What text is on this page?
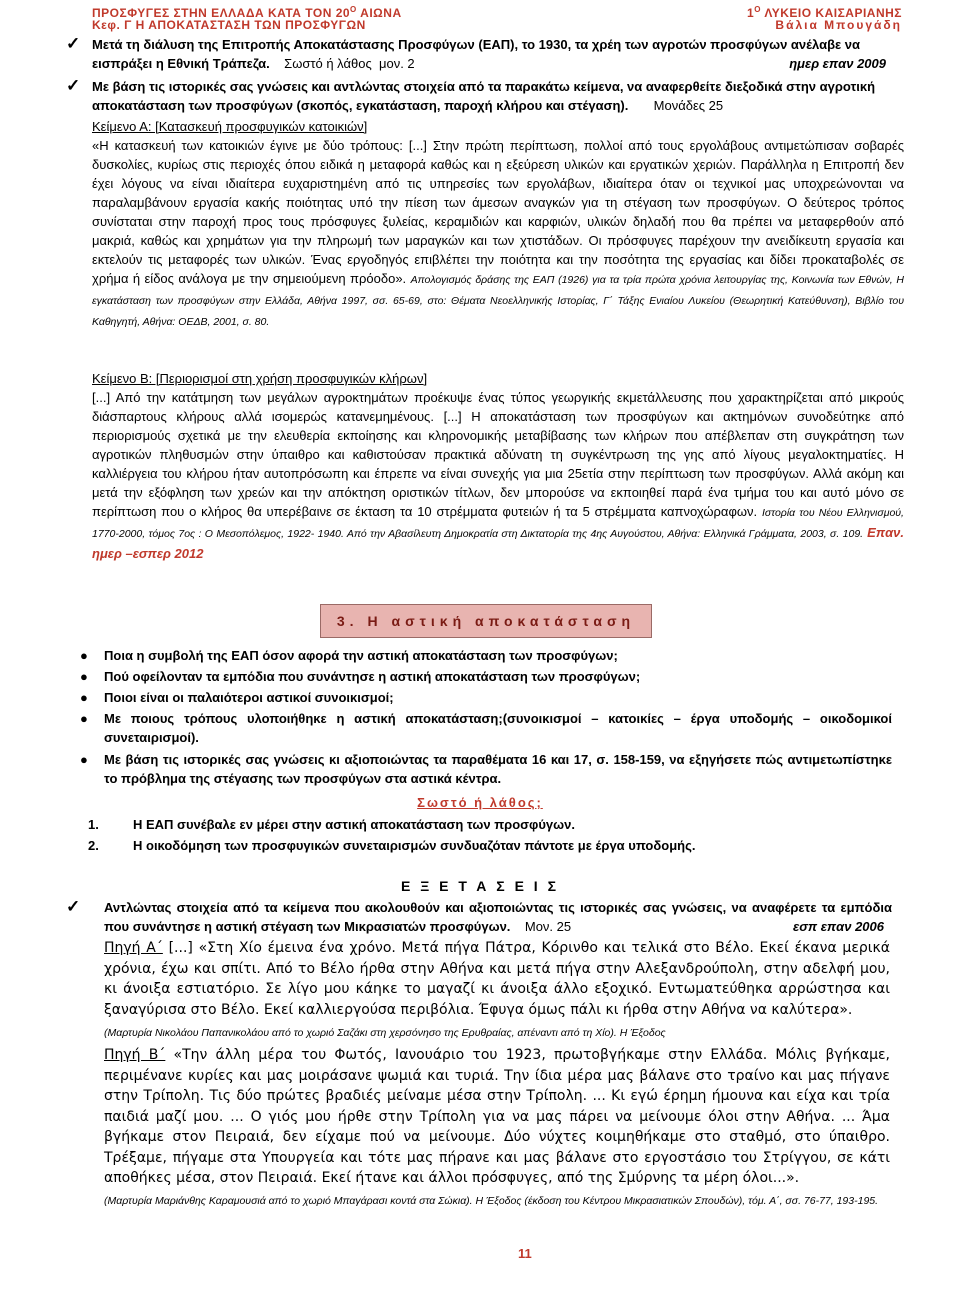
ΠΡΟΣΦΥΓΕΣ ΣΤΗΝ ΕΛΛΑΔΑ ΚΑΤΑ ΤΟΝ $20^O$ ΑΙΩΝΑ
Κεφ. Γ Η ΑΠΟΚΑΤΑΣΤΑΣΗ ΤΩΝ ΠΡΟΣΦΥΓΩΝ
$1^O$ ΛΥΚΕΙΟ ΚΑΙΣΑΡΙΑΝΗΣ
Βάλια Μπουγάδη
✓ Μετά τη διάλυση της Επιτροπής Αποκατάστασης Προσφύγων (ΕΑΠ), το 1930, τα χρέη των αγροτών προσφύγων ανέλαβε να εισπράξει η Εθνική Τράπεζα. Σωστό ή λάθος μον. 2	ημερ επαν 2009
✓ Με βάση τις ιστορικές σας γνώσεις και αντλώντας στοιχεία από τα παρακάτω κείμενα, να αναφερθείτε διεξοδικά στην αγροτική αποκατάσταση των προσφύγων (σκοπός, εγκατάσταση, παροχή κλήρου και στέγαση). Μονάδες 25
Κείμενο Α: [Κατασκευή προσφυγικών κατοικιών]
«Η κατασκευή των κατοικιών έγινε με δύο τρόπους: [...] Στην πρώτη περίπτωση, πολλοί από τους εργολάβους αντιμετώπισαν σοβαρές δυσκολίες, κυρίως στις περιοχές όπου ειδικά η μεταφορά καθώς και η εξεύρεση υλικών και εργατικών χεριών. Παράλληλα η Επιτροπή δεν έχει λόγους να είναι ιδιαίτερα ευχαριστημένη από τις υπηρεσίες των εργολάβων, ιδιαίτερα όταν οι τεχνικοί μας υποχρεώνονται να παραλαμβάνουν εργασία κακής ποιότητας υπό την πίεση των άμεσων αναγκών για τη στέγαση των προσφύγων. Ο δεύτερος τρόπος συνίσταται στην παροχή προς τους πρόσφυγες ξυλείας, κεραμιδιών και καρφιών, υλικών δηλαδή που θα πρέπει να μεταφερθούν από μακριά, καθώς και χρημάτων για την πληρωμή των μαραγκών και των χτιστάδων. Οι πρόσφυγες παρέχουν την ανειδίκευτη εργασία και εκτελούν τις μεταφορές των υλικών. Ένας εργοδηγός επιβλέπει την ποιότητα και την ποσότητα της εργασίας και δίδει προκαταβολές σε χρήμα ή είδος ανάλογα με την σημειούμενη πρόοδο». Απολογισμός δράσης της ΕΑΠ (1926) για τα τρία πρώτα χρόνια λειτουργίας της, Κοινωνία των Εθνών, Η εγκατάσταση των προσφύγων στην Ελλάδα, Αθήνα 1997, σσ. 65-69, στο: Θέματα Νεοελληνικής Ιστορίας, Γ΄ Τάξης Ενιαίου Λυκείου (Θεωρητική Κατεύθυνση), Βιβλίο του Καθηγητή, Αθήνα: ΟΕΔΒ, 2001, σ. 80.
Κείμενο Β: [Περιορισμοί στη χρήση προσφυγικών κλήρων]
[...] Από την κατάτμηση των μεγάλων αγροκτημάτων προέκυψε ένας τύπος γεωργικής εκμετάλλευσης που χαρακτηρίζεται από μικρούς διάσπαρτους κλήρους αλλά ισομερώς κατανεμημένους. [...] Η αποκατάσταση των προσφύγων και ακτημόνων συνοδεύτηκε από περιορισμούς σχετικά με την ελευθερία εκποίησης και κληρονομικής μεταβίβασης των κλήρων που απέβλεπαν στη συγκράτηση των αγροτικών πληθυσμών στην ύπαιθρο και καθιστούσαν πρακτικά αδύνατη τη συγκέντρωση της γης από λίγους μεγαλοκτηματίες. Η καλλιέργεια του κλήρου ήταν αυτοπρόσωπη και έπρεπε να είναι συνεχής για μια 25ετία στην περίπτωση των προσφύγων. Αλλά ακόμη και μετά την εξόφληση των χρεών και την απόκτηση οριστικών τίτλων, δεν μπορούσε να εκποιηθεί παρά ένα τμήμα του και αυτό μόνο σε περίπτωση που ο κλήρος θα υπερέβαινε σε έκταση τα 10 στρέμματα φυτειών ή τα 5 στρέμματα καπνοχώραφων. Ιστορία του Νέου Ελληνισμού, 1770-2000, τόμος 7ος : Ο Μεσοπόλεμος, 1922- 1940. Από την Αβασίλευτη Δημοκρατία στη Δικτατορία της 4ης Αυγούστου, Αθήνα: Ελληνικά Γράμματα, 2003, σ. 109. Επαν. ημερ –εσπερ 2012
3. Η αστική αποκατάσταση
● Ποια η συμβολή της ΕΑΠ όσον αφορά την αστική αποκατάσταση των προσφύγων;
● Πού οφείλονταν τα εμπόδια που συνάντησε η αστική αποκατάσταση των προσφύγων;
● Ποιοι είναι οι παλαιότεροι αστικοί συνοικισμοί;
● Με ποιους τρόπους υλοποιήθηκε η αστική αποκατάσταση;(συνοικισμοί – κατοικίες – έργα υποδομής – οικοδομικοί συνεταιρισμοί).
● Με βάση τις ιστορικές σας γνώσεις κι αξιοποιώντας τα παραθέματα 16 και 17, σ. 158-159, να εξηγήσετε πώς αντιμετωπίστηκε το πρόβλημα της στέγασης των προσφύγων στα αστικά κέντρα.
Σωστό ή λάθος;
1.	Η ΕΑΠ συνέβαλε εν μέρει στην αστική αποκατάσταση των προσφύγων.
2.	Η οικοδόμηση των προσφυγικών συνεταιρισμών συνδυαζόταν πάντοτε με έργα υποδομής.
Ε Ξ Ε Τ Α Σ Ε Ι Σ
✓ Αντλώντας στοιχεία από τα κείμενα που ακολουθούν και αξιοποιώντας τις ιστορικές σας γνώσεις, να αναφέρετε τα εμπόδια που συνάντησε η αστική στέγαση των Μικρασιατών προσφύγων. Μον. 25	εσπ επαν 2006
Πηγή Α΄ [...] «Στη Χίο έμεινα ένα χρόνο. Μετά πήγα Πάτρα, Κόρινθο και τελικά στο Βέλο. Εκεί έκανα μερικά χρόνια, έχω και σπίτι. Από το Βέλο ήρθα στην Αθήνα και μετά πήγα στην Αλεξανδρούπολη, στην αδελφή μου, κι άνοιξα εστιατόριο. Σε λίγο μου κάηκε το μαγαζί κι άνοιξα άλλο εξοχικό. Εντωματεύθηκα αρρώστησα και ξαναγύρισα στο Βέλο. Εκεί καλλιεργούσα περιβόλια. Έφυγα όμως πάλι κι ήρθα στην Αθήνα να καλύτερα».
(Μαρτυρία Νικολάου Παπανικολάου από το χωριό Σαζάκι στη χερσόνησο της Ερυθραίας, απέναντι από τη Χίο). Η Έξοδος
Πηγή Β΄ «Την άλλη μέρα του Φωτός, Ιανουάριο του 1923, πρωτοβγήκαμε στην Ελλάδα. Μόλις βγήκαμε, περιμένανε κυρίες και μας μοιράσανε ψωμιά και τυριά. Την ίδια μέρα μας βάλανε στο τραίνο και μας πήγανε στην Τρίπολη. Τις δύο πρώτες βραδιές μείναμε μέσα στην Τρίπολη. ... Κι εγώ έρημη ήμουνα και είχα και τρία παιδιά μαζί μου. ... Ο γιός μου ήρθε στην Τρίπολη για να μας πάρει να μείνουμε όλοι στην Αθήνα. ... Άμα βγήκαμε στον Πειραιά, δεν είχαμε πού να μείνουμε. Δύο νύχτες κοιμηθήκαμε στο σταθμό, στο ύπαιθρο. Τρέξαμε, πήγαμε στα Υπουργεία και τότε μας πήρανε και μας βάλανε στο εργοστάσιο του Στρίγγου, σε κάτι αποθήκες μέσα, στον Πειραιά. Εκεί ήτανε και άλλοι πρόσφυγες, από της Σμύρνης τα μέρη όλοι...».
(Μαρτυρία Μαριάνθης Καραμουσιά από το χωριό Μπαγάρασι κοντά στα Σώκια). Η Έξοδος (έκδοση του Κέντρου Μικρασιατικών Σπουδών), τόμ. Α΄, σσ. 76-77, 193-195.
11
